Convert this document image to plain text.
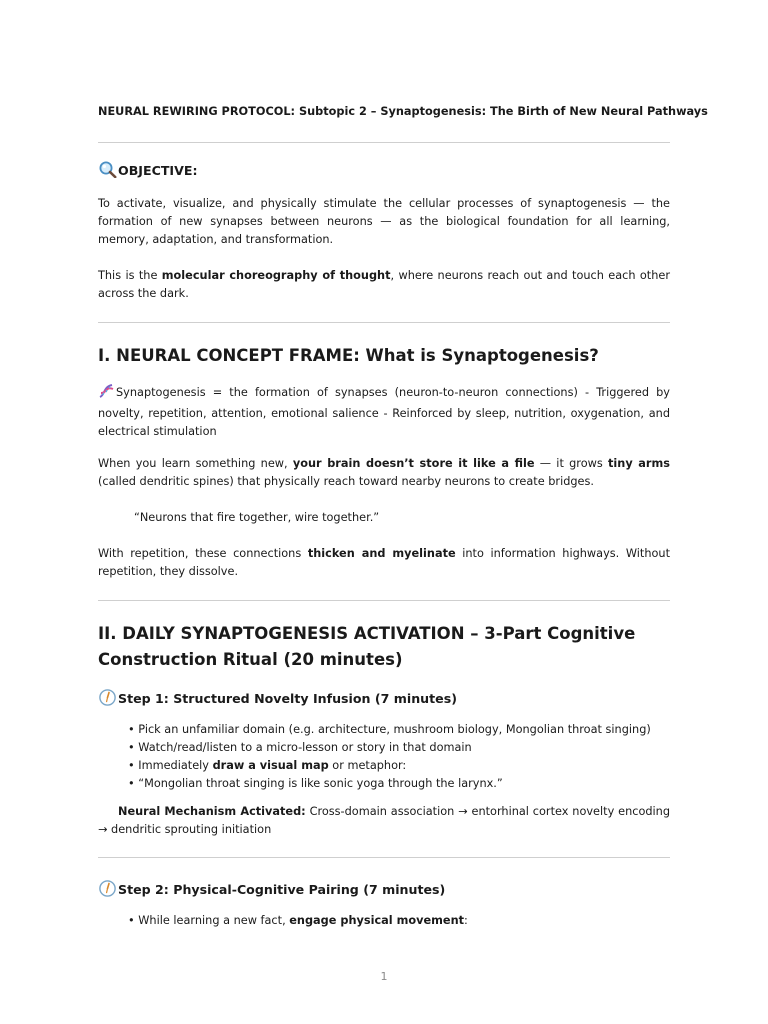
NEURAL REWIRING PROTOCOL: Subtopic 2 – Synaptogenesis: The Birth of New Neural Pathways
OBJECTIVE:

To activate, visualize, and physically stimulate the cellular processes of synaptogenesis — the formation of new synapses between neurons — as the biological foundation for all learning, memory, adaptation, and transformation.

This is the molecular choreography of thought, where neurons reach out and touch each other across the dark.

I. NEURAL CONCEPT FRAME: What is Synaptogenesis?

Synaptogenesis = the formation of synapses (neuron-to-neuron connections) - Triggered by novelty, repetition, attention, emotional salience - Reinforced by sleep, nutrition, oxygenation, and electrical stimulation

When you learn something new, your brain doesn’t store it like a file — it grows tiny arms (called dendritic spines) that physically reach toward nearby neurons to create bridges.

“Neurons that fire together, wire together.”

With repetition, these connections thicken and myelinate into information highways. Without repetition, they dissolve.

II. DAILY SYNAPTOGENESIS ACTIVATION – 3-Part Cognitive Construction Ritual (20 minutes)
Step 1: Structured Novelty Infusion (7 minutes)
• Pick an unfamiliar domain (e.g. architecture, mushroom biology, Mongolian throat singing)
• Watch/read/listen to a micro-lesson or story in that domain
• Immediately draw a visual map or metaphor:
• “Mongolian throat singing is like sonic yoga through the larynx.”

Neural Mechanism Activated: Cross-domain association → entorhinal cortex novelty encoding → dendritic sprouting initiation

Step 2: Physical-Cognitive Pairing (7 minutes)
• While learning a new fact, engage physical movement:
1
